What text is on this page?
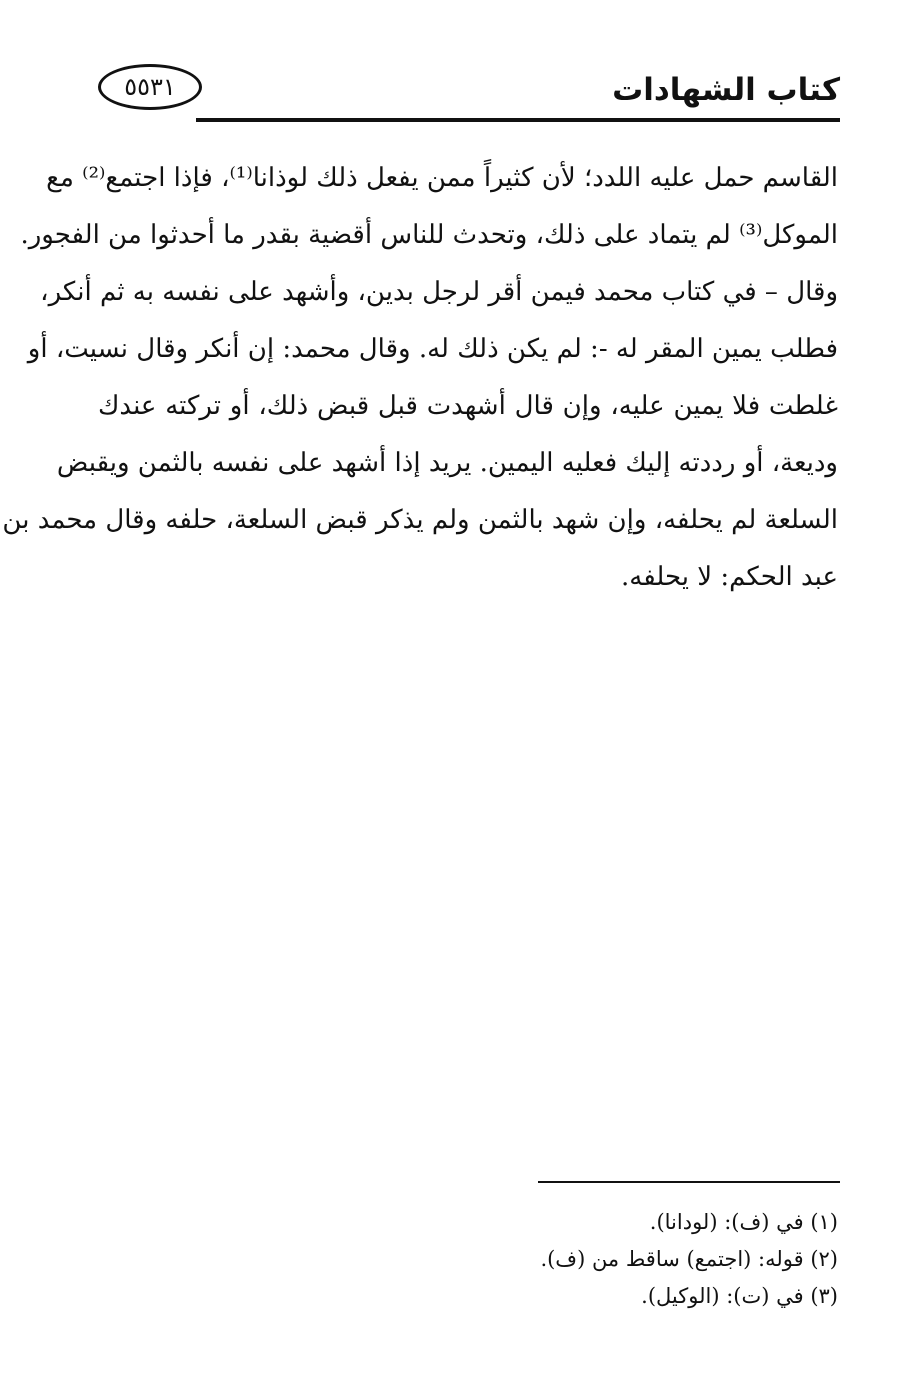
٥٥٣١	كتاب الشهادات
القاسم حمل عليه اللدد؛ لأن كثيراً ممن يفعل ذلك لوذانا⁽¹⁾، فإذا اجتمع⁽²⁾ مع
الموكل⁽³⁾ لم يتماد على ذلك، وتحدث للناس أقضية بقدر ما أحدثوا من الفجور.
وقال – في كتاب محمد فيمن أقر لرجل بدين، وأشهد على نفسه به ثم أنكر،
فطلب يمين المقر له -: لم يكن ذلك له. وقال محمد: إن أنكر وقال نسيت، أو
غلطت فلا يمين عليه، وإن قال أشهدت قبل قبض ذلك، أو تركته عندك
وديعة، أو رددته إليك فعليه اليمين. يريد إذا أشهد على نفسه بالثمن ويقبض
السلعة لم يحلفه، وإن شهد بالثمن ولم يذكر قبض السلعة، حلفه وقال محمد بن
عبد الحكم: لا يحلفه.
(١) في (ف): (لودانا).
(٢) قوله: (اجتمع) ساقط من (ف).
(٣) في (ت): (الوكيل).
